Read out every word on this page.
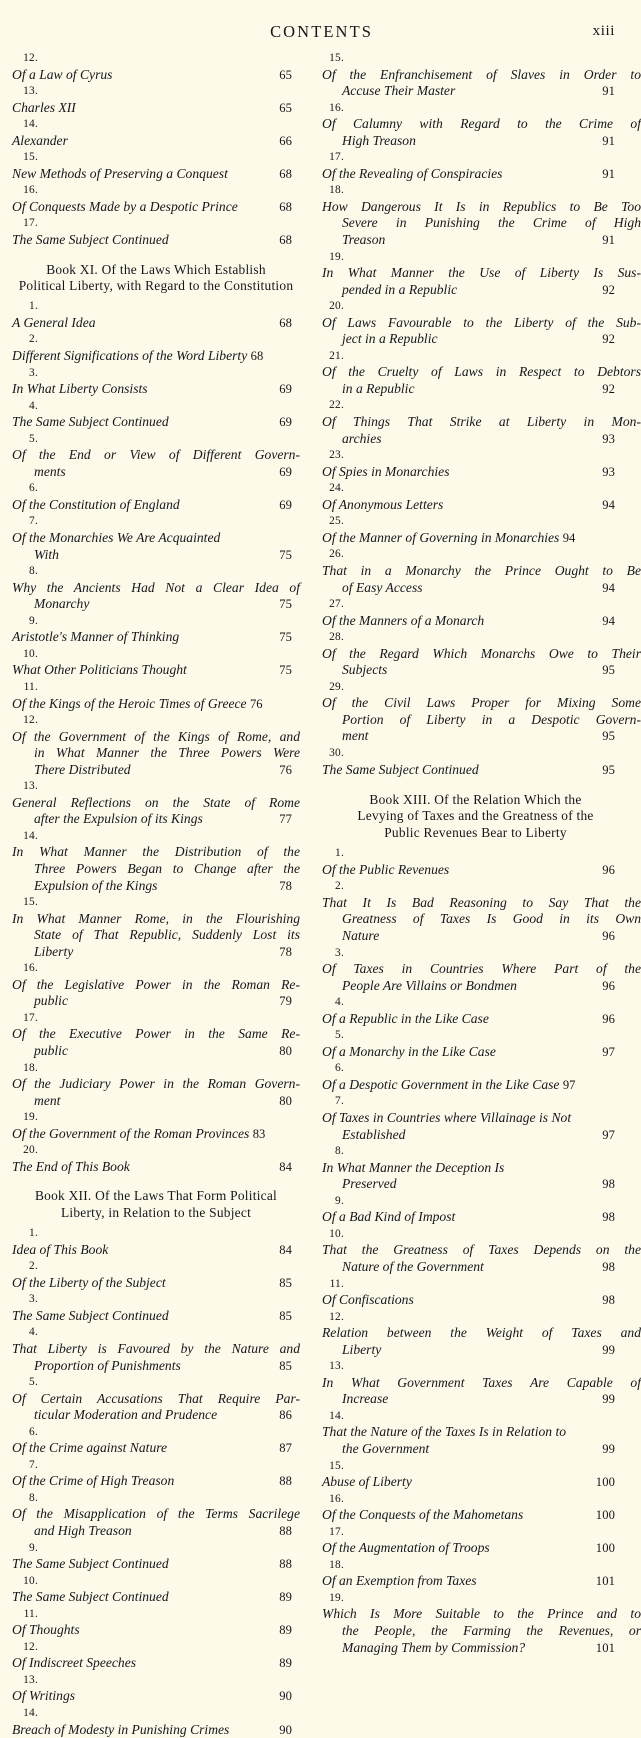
CONTENTS	xiii
12.
Of a Law of Cyrus	65
13.
Charles XII	65
14.
Alexander	66
15.
New Methods of Preserving a Conquest	68
16.
Of Conquests Made by a Despotic Prince	68
17.
The Same Subject Continued	68
Book XI. Of the Laws Which Establish
Political Liberty, with Regard to the Constitution
1.
A General Idea	68
2.
Different Significations of the Word Liberty 68
3.
In What Liberty Consists	69
4.
The Same Subject Continued	69
5.
Of the End or View of Different Govern-
ments	69
6.
Of the Constitution of England	69
7.
Of the Monarchies We Are Acquainted
With	75
8.
Why the Ancients Had Not a Clear Idea of
Monarchy	75
9.
Aristotle's Manner of Thinking	75
10.
What Other Politicians Thought	75
11.
Of the Kings of the Heroic Times of Greece 76
12.
Of the Government of the Kings of Rome, and
in What Manner the Three Powers Were
There Distributed	76
13.
General Reflections on the State of Rome
after the Expulsion of its Kings	77
14.
In What Manner the Distribution of the
Three Powers Began to Change after the
Expulsion of the Kings	78
15.
In What Manner Rome, in the Flourishing
State of That Republic, Suddenly Lost its
Liberty	78
16.
Of the Legislative Power in the Roman Re-
public	79
17.
Of the Executive Power in the Same Re-
public	80
18.
Of the Judiciary Power in the Roman Govern-
ment	80
19.
Of the Government of the Roman Provinces 83
20.
The End of This Book	84
Book XII. Of the Laws That Form Political
Liberty, in Relation to the Subject
1.
Idea of This Book	84
2.
Of the Liberty of the Subject	85
3.
The Same Subject Continued	85
4.
That Liberty is Favoured by the Nature and
Proportion of Punishments	85
5.
Of Certain Accusations That Require Par-
ticular Moderation and Prudence	86
6.
Of the Crime against Nature	87
7.
Of the Crime of High Treason	88
8.
Of the Misapplication of the Terms Sacrilege
and High Treason	88
9.
The Same Subject Continued	88
10.
The Same Subject Continued	89
11.
Of Thoughts	89
12.
Of Indiscreet Speeches	89
13.
Of Writings	90
14.
Breach of Modesty in Punishing Crimes	90
15.
Of the Enfranchisement of Slaves in Order to
Accuse Their Master	91
16.
Of Calumny with Regard to the Crime of
High Treason	91
17.
Of the Revealing of Conspiracies	91
18.
How Dangerous It Is in Republics to Be Too
Severe in Punishing the Crime of High
Treason	91
19.
In What Manner the Use of Liberty Is Sus-
pended in a Republic	92
20.
Of Laws Favourable to the Liberty of the Sub-
ject in a Republic	92
21.
Of the Cruelty of Laws in Respect to Debtors
in a Republic	92
22.
Of Things That Strike at Liberty in Mon-
archies	93
23.
Of Spies in Monarchies	93
24.
Of Anonymous Letters	94
25.
Of the Manner of Governing in Monarchies 94
26.
That in a Monarchy the Prince Ought to Be
of Easy Access	94
27.
Of the Manners of a Monarch	94
28.
Of the Regard Which Monarchs Owe to Their
Subjects	95
29.
Of the Civil Laws Proper for Mixing Some
Portion of Liberty in a Despotic Govern-
ment	95
30.
The Same Subject Continued	95
Book XIII. Of the Relation Which the
Levying of Taxes and the Greatness of the
Public Revenues Bear to Liberty
1.
Of the Public Revenues	96
2.
That It Is Bad Reasoning to Say That the
Greatness of Taxes Is Good in its Own
Nature	96
3.
Of Taxes in Countries Where Part of the
People Are Villains or Bondmen	96
4.
Of a Republic in the Like Case	96
5.
Of a Monarchy in the Like Case	97
6.
Of a Despotic Government in the Like Case 97
7.
Of Taxes in Countries where Villainage is Not
Established	97
8.
In What Manner the Deception Is
Preserved	98
9.
Of a Bad Kind of Impost	98
10.
That the Greatness of Taxes Depends on the
Nature of the Government	98
11.
Of Confiscations	98
12.
Relation between the Weight of Taxes and
Liberty	99
13.
In What Government Taxes Are Capable of
Increase	99
14.
That the Nature of the Taxes Is in Relation to
the Government	99
15.
Abuse of Liberty	100
16.
Of the Conquests of the Mahometans	100
17.
Of the Augmentation of Troops	100
18.
Of an Exemption from Taxes	101
19.
Which Is More Suitable to the Prince and to
the People, the Farming the Revenues, or
Managing Them by Commission?	101
